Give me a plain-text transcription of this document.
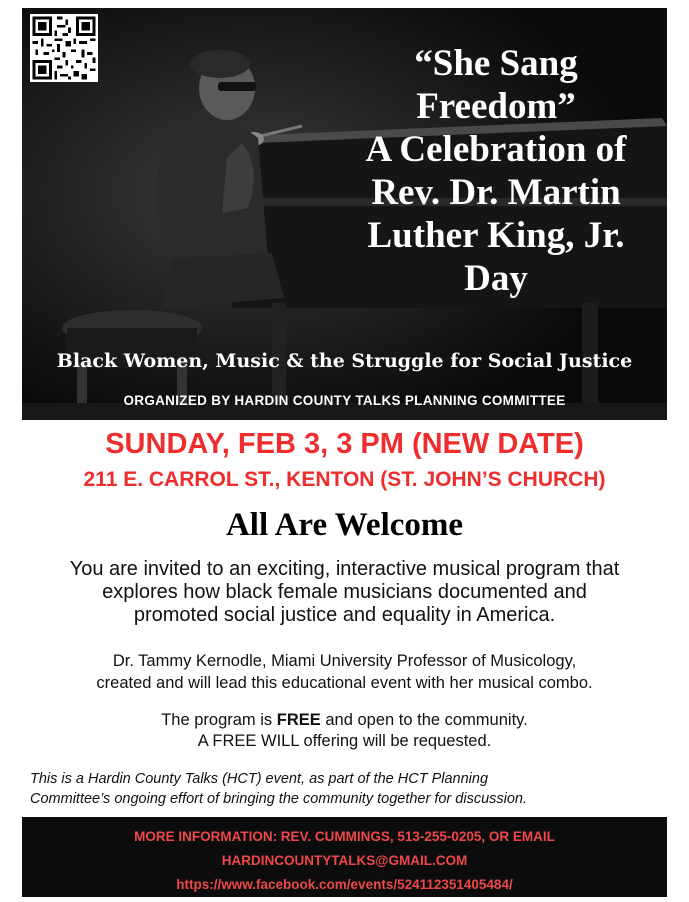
“She Sang
Freedom”
A Celebration of
Rev. Dr. Martin
Luther King, Jr.
Day
Black Women, Music & the Struggle for Social Justice
ORGANIZED BY HARDIN COUNTY TALKS PLANNING COMMITTEE
SUNDAY, FEB 3, 3 PM (NEW DATE)
211 E. CARROL ST., KENTON (ST. JOHN’S CHURCH)
All Are Welcome
You are invited to an exciting, interactive musical program that
explores how black female musicians documented and
promoted social justice and equality in America.
Dr. Tammy Kernodle, Miami University Professor of Musicology,
created and will lead this educational event with her musical combo.
The program is FREE and open to the community.
A FREE WILL offering will be requested.
This is a Hardin County Talks (HCT) event, as part of the HCT Planning
Committee’s ongoing effort of bringing the community together for discussion.
MORE INFORMATION: REV. CUMMINGS, 513-255-0205, OR EMAIL
HARDINCOUNTYTALKS@GMAIL.COM
https://www.facebook.com/events/524112351405484/
